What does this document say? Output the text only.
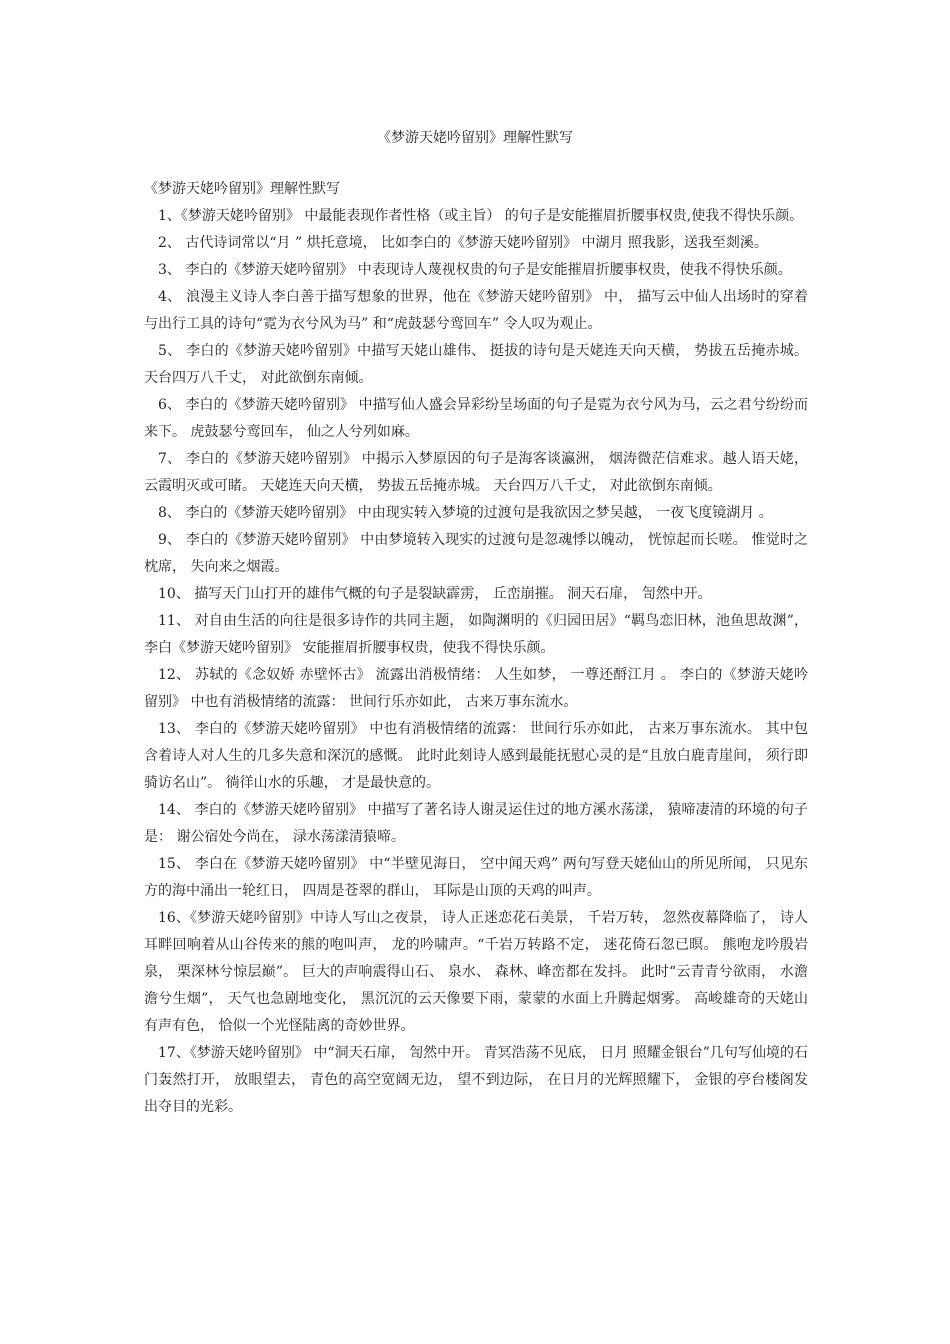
《梦游天姥吟留别》理解性默写

《梦游天姥吟留别》理解性默写

1、《梦游天姥吟留别》 中最能表现作者性格（或主旨） 的句子是安能摧眉折腰事权贵,使我不得快乐颜。

2、 古代诗词常以“月 ” 烘托意境， 比如李白的《梦游天姥吟留别》 中湖月 照我影，送我至剡溪。

3、 李白的《梦游天姥吟留别》 中表现诗人蔑视权贵的句子是安能摧眉折腰事权贵，使我不得快乐颜。

4、 浪漫主义诗人李白善于描写想象的世界，他在《梦游天姥吟留别》 中， 描写云中仙人出场时的穿着与出行工具的诗句“霓为衣兮风为马” 和“虎鼓瑟兮鸾回车” 令人叹为观止。

5、 李白的《梦游天姥吟留别》中描写天姥山雄伟、 挺拔的诗句是天姥连天向天横， 势拔五岳掩赤城。 天台四万八千丈， 对此欲倒东南倾。

6、 李白的《梦游天姥吟留别》 中描写仙人盛会异彩纷呈场面的句子是霓为衣兮风为马，云之君兮纷纷而来下。 虎鼓瑟兮鸾回车， 仙之人兮列如麻。

7、 李白的《梦游天姥吟留别》 中揭示入梦原因的句子是海客谈瀛洲， 烟涛微茫信难求。越人语天姥， 云霞明灭或可睹。 天姥连天向天横， 势拔五岳掩赤城。 天台四万八千丈， 对此欲倒东南倾。

8、 李白的《梦游天姥吟留别》 中由现实转入梦境的过渡句是我欲因之梦吴越， 一夜飞度镜湖月 。

9、 李白的《梦游天姥吟留别》 中由梦境转入现实的过渡句是忽魂悸以魄动， 恍惊起而长嗟。 惟觉时之枕席， 失向来之烟霞。

10、 描写天门山打开的雄伟气概的句子是裂缺霹雳， 丘峦崩摧。 洞天石扉， 訇然中开。

11、 对自由生活的向往是很多诗作的共同主题， 如陶渊明的《归园田居》“羁鸟恋旧林，池鱼思故渊”， 李白《梦游天姥吟留别》 安能摧眉折腰事权贵，使我不得快乐颜。

12、 苏轼的《念奴娇 赤壁怀古》 流露出消极情绪： 人生如梦， 一尊还酹江月 。 李白的《梦游天姥吟留别》 中也有消极情绪的流露： 世间行乐亦如此， 古来万事东流水。

13、 李白的《梦游天姥吟留别》 中也有消极情绪的流露： 世间行乐亦如此， 古来万事东流水。 其中包含着诗人对人生的几多失意和深沉的感慨。 此时此刻诗人感到最能抚慰心灵的是“且放白鹿青崖间， 须行即骑访名山”。 徜徉山水的乐趣， 才是最快意的。

14、 李白的《梦游天姥吟留别》 中描写了著名诗人谢灵运住过的地方溪水荡漾， 猿啼凄清的环境的句子是： 谢公宿处今尚在， 渌水荡漾清猿啼。

15、 李白在《梦游天姥吟留别》 中“半壁见海日， 空中闻天鸡” 两句写登天姥仙山的所见所闻， 只见东方的海中涌出一轮红日， 四周是苍翠的群山， 耳际是山顶的天鸡的叫声。

16、《梦游天姥吟留别》中诗人写山之夜景， 诗人正迷恋花石美景， 千岩万转， 忽然夜幕降临了， 诗人耳畔回响着从山谷传来的熊的咆叫声， 龙的吟啸声。“千岩万转路不定， 迷花倚石忽已暝。 熊咆龙吟殷岩泉， 栗深林兮惊层巅”。 巨大的声响震得山石、 泉水、 森林、峰峦都在发抖。 此时“云青青兮欲雨， 水澹澹兮生烟”， 天气也急剧地变化， 黑沉沉的云天像要下雨，蒙蒙的水面上升腾起烟雾。 高峻雄奇的天姥山有声有色， 恰似一个光怪陆离的奇妙世界。

17、《梦游天姥吟留别》 中“洞天石扉， 訇然中开。 青冥浩荡不见底， 日月 照耀金银台”几句写仙境的石门轰然打开， 放眼望去， 青色的高空宽阔无边， 望不到边际， 在日月的光辉照耀下， 金银的亭台楼阁发出夺目的光彩。
